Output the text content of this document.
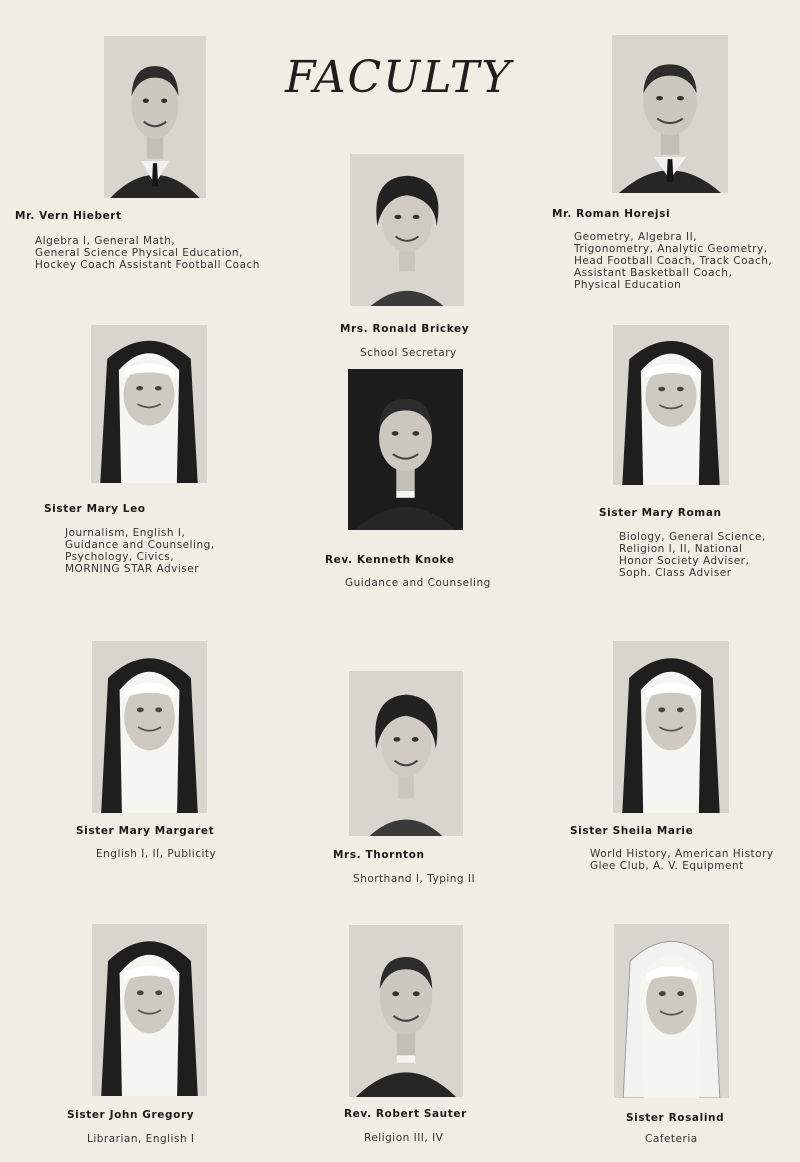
FACULTY
Mr. Vern Hiebert
Algebra I, General Math,
General Science Physical Education,
Hockey Coach Assistant Football Coach
Mrs. Ronald Brickey
School Secretary
Mr. Roman Horejsi
Geometry, Algebra II,
Trigonometry, Analytic Geometry,
Head Football Coach, Track Coach,
Assistant Basketball Coach,
Physical Education
Sister Mary Leo
Journalism, English I,
Guidance and Counseling,
Psychology, Civics,
MORNING STAR Adviser
Rev. Kenneth Knoke
Guidance and Counseling
Sister Mary Roman
Biology, General Science,
Religion I, II, National
Honor Society Adviser,
Soph. Class Adviser
Sister Mary Margaret
English I, II, Publicity	Mrs. Thornton
Shorthand I, Typing II
Sister Sheila Marie
World History, American History
Glee Club, A. V. Equipment
Sister John Gregory
Librarian, English I
Rev. Robert Sauter
Religion III, IV
Sister Rosalind
Cafeteria
